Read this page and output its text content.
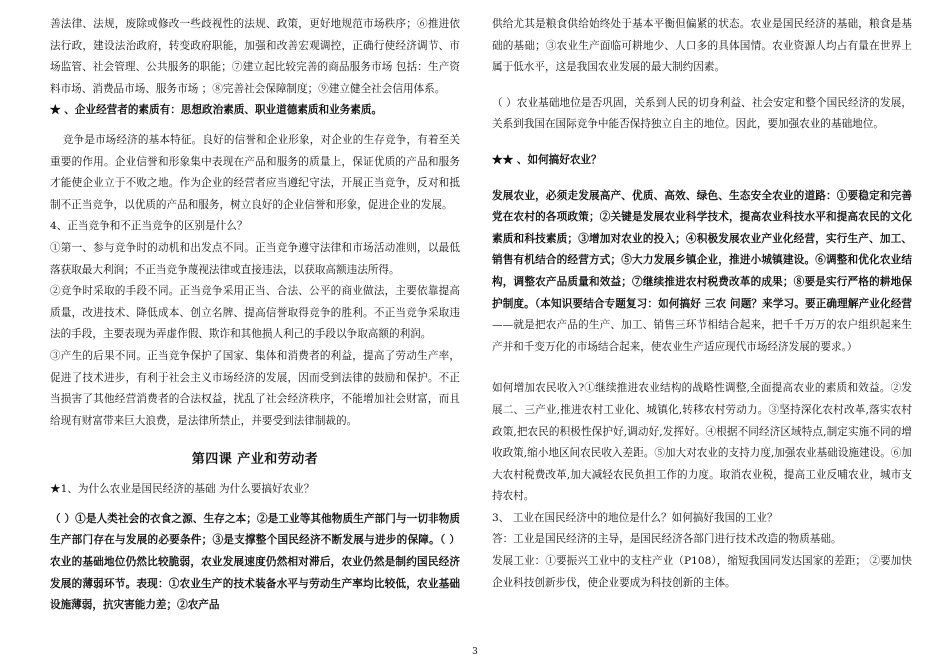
善法律、法规，废除或修改一些歧视性的法规、政策，更好地规范市场秩序；⑥推进依法行政，建设法治政府，转变政府职能，加强和改善宏观调控，正确行使经济调节、市场监管、社会管理、公共服务的职能；⑦建立起比较完善的商品服务市场 包括：生产资料市场、消费品市场、服务市场 ；⑧完善社会保障制度；⑨建立健全社会信用体系。

★ 、企业经营者的素质有：思想政治素质、职业道德素质和业务素质。

竞争是市场经济的基本特征。良好的信誉和企业形象，对企业的生存竞争，有着至关重要的作用。企业信誉和形象集中表现在产品和服务的质量上，保证优质的产品和服务才能使企业立于不败之地。作为企业的经营者应当遵纪守法，开展正当竞争，反对和抵制不正当竞争，以优质的产品和服务，树立良好的企业信誉和形象，促进企业的发展。

4、正当竞争和不正当竞争的区别是什么？

①第一、参与竞争时的动机和出发点不同。正当竞争遵守法律和市场活动准则，以最低落获取最大利润；不正当竞争蔑视法律或直接违法，以获取高额违法所得。

②竞争时采取的手段不同。正当竞争采用正当、合法、公平的商业做法，主要依靠提高质量，改进技术、降低成本、创立名牌、提高信誉取得竞争的胜利。不正当竞争采取违法的手段，主要表现为弄虚作假、欺诈和其他损人利己的手段以争取高额的利润。

③产生的后果不同。正当竞争保护了国家、集体和消费者的利益，提高了劳动生产率，促进了技术进步，有利于社会主义市场经济的发展，因而受到法律的鼓励和保护。不正当损害了其他经营消费者的合法权益，扰乱了社会经济秩序，不能增加社会财富，而且给现有财富带来巨大浪费，是法律所禁止，并要受到法律制裁的。

第四课 产业和劳动者

★1、为什么农业是国民经济的基础 为什么要搞好农业？

（ ）①是人类社会的衣食之源、生存之本；②是工业等其他物质生产部门与一切非物质生产部门存在与发展的必要条件；③是支撑整个国民经济不断发展与进步的保障。（ ）农业的基础地位仍然比较脆弱，农业发展速度仍然相对滞后，农业仍然是制约国民经济发展的薄弱环节。表现：①农业生产的技术装备水平与劳动生产率均比较低，农业基础设施薄弱，抗灾害能力差；②农产品

供给尤其是粮食供给始终处于基本平衡但偏紧的状态。农业是国民经济的基础，粮食是基础的基础；③农业生产面临可耕地少、人口多的具体国情。农业资源人均占有量在世界上属于低水平，这是我国农业发展的最大制约因素。

（ ）农业基础地位是否巩固，关系到人民的切身利益、社会安定和整个国民经济的发展，关系到我国在国际竞争中能否保持独立自主的地位。因此，要加强农业的基础地位。

★★ 、如何搞好农业？

发展农业，必须走发展高产、优质、高效、绿色、生态安全农业的道路：①要稳定和完善党在农村的各项政策；②关键是发展农业科学技术，提高农业科技水平和提高农民的文化素质和科技素质；③增加对农业的投入；④积极发展农业产业化经营，实行生产、加工、销售有机结合的经营方式；⑤大力发展乡镇企业，推进小城镇建设。⑥调整和优化农业结构，调整农产品质量和效益；⑦继续推进农村税费改革的成果；⑧要是实行严格的耕地保护制度。（本知识要结合专题复习：如何搞好 三农 问题？来学习。要正确理解产业化经营——就是把农产品的生产、加工、销售三环节相结合起来，把千千万万的农户组织起来生产并和千变万化的市场结合起来，使农业生产适应现代市场经济发展的要求。）

如何增加农民收入?①继续推进农业结构的战略性调整,全面提高农业的素质和效益。②发展二、三产业,推进农村工业化、城镇化,转移农村劳动力。③坚持深化农村改革,落实农村政策,把农民的积极性保护好,调动好,发挥好。④根据不同经济区域特点,制定实施不同的增收政策,缩小地区间农民收入差距。⑤加大对农业的支持力度,加强农业基础设施建设。⑥加大农村税费改革,加大减轻农民负担工作的力度。取消农业税，提高工业反哺农业，城市支持农村。

3、 工业在国民经济中的地位是什么？如何搞好我国的工业？

答：工业是国民经济的主导，是国民经济各部门进行技术改造的物质基础。

发展工业：①要振兴工业中的支柱产业（P108），缩短我国同发达国家的差距； ②要加快企业科技创新步伐，使企业要成为科技创新的主体。

3
